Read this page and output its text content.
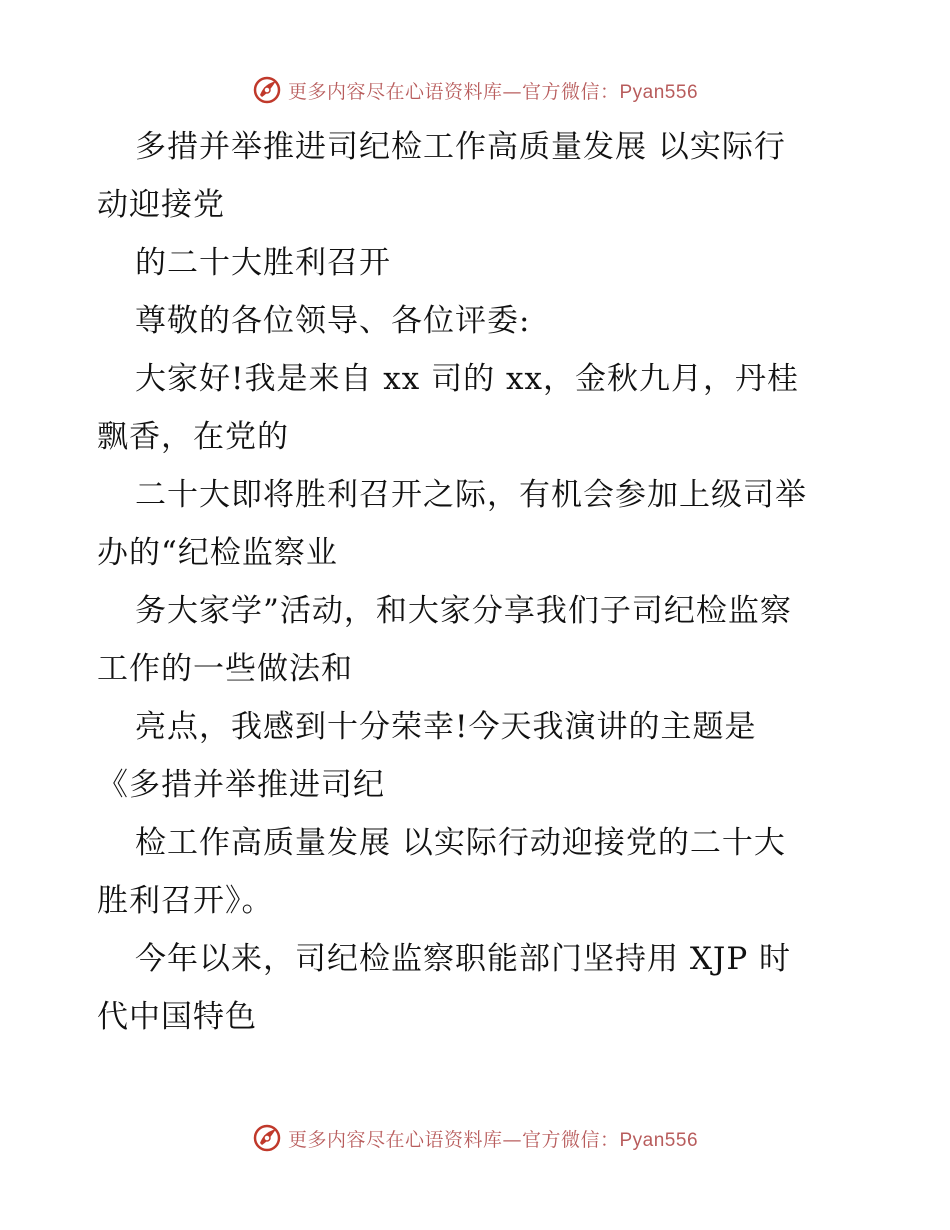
更多内容尽在心语资料库—官方微信：Pyan556
多措并举推进司纪检工作高质量发展 以实际行
动迎接党
的二十大胜利召开
尊敬的各位领导、各位评委:
大家好!我是来自 xx 司的 xx，金秋九月，丹桂
飘香，在党的
二十大即将胜利召开之际，有机会参加上级司举
办的“纪检监察业
务大家学”活动，和大家分享我们子司纪检监察
工作的一些做法和
亮点，我感到十分荣幸!今天我演讲的主题是
《多措并举推进司纪
检工作高质量发展 以实际行动迎接党的二十大
胜利召开》。
今年以来，司纪检监察职能部门坚持用 XJP 时
代中国特色
更多内容尽在心语资料库—官方微信：Pyan556
